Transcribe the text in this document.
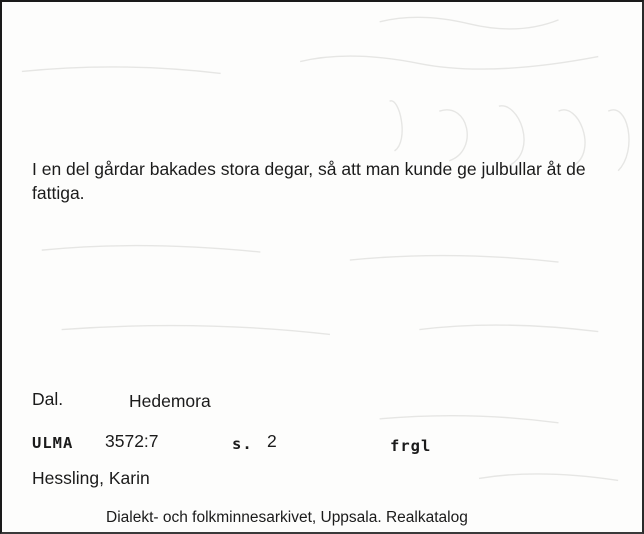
I en del gårdar bakades stora degar, så att man kunde ge julbullar åt de fattiga.

Dal.	Hedemora
ULMA 3572:7	s. 2	frgl
Hessling, Karin
Dialekt- och folkminnesarkivet, Uppsala. Realkatalog
